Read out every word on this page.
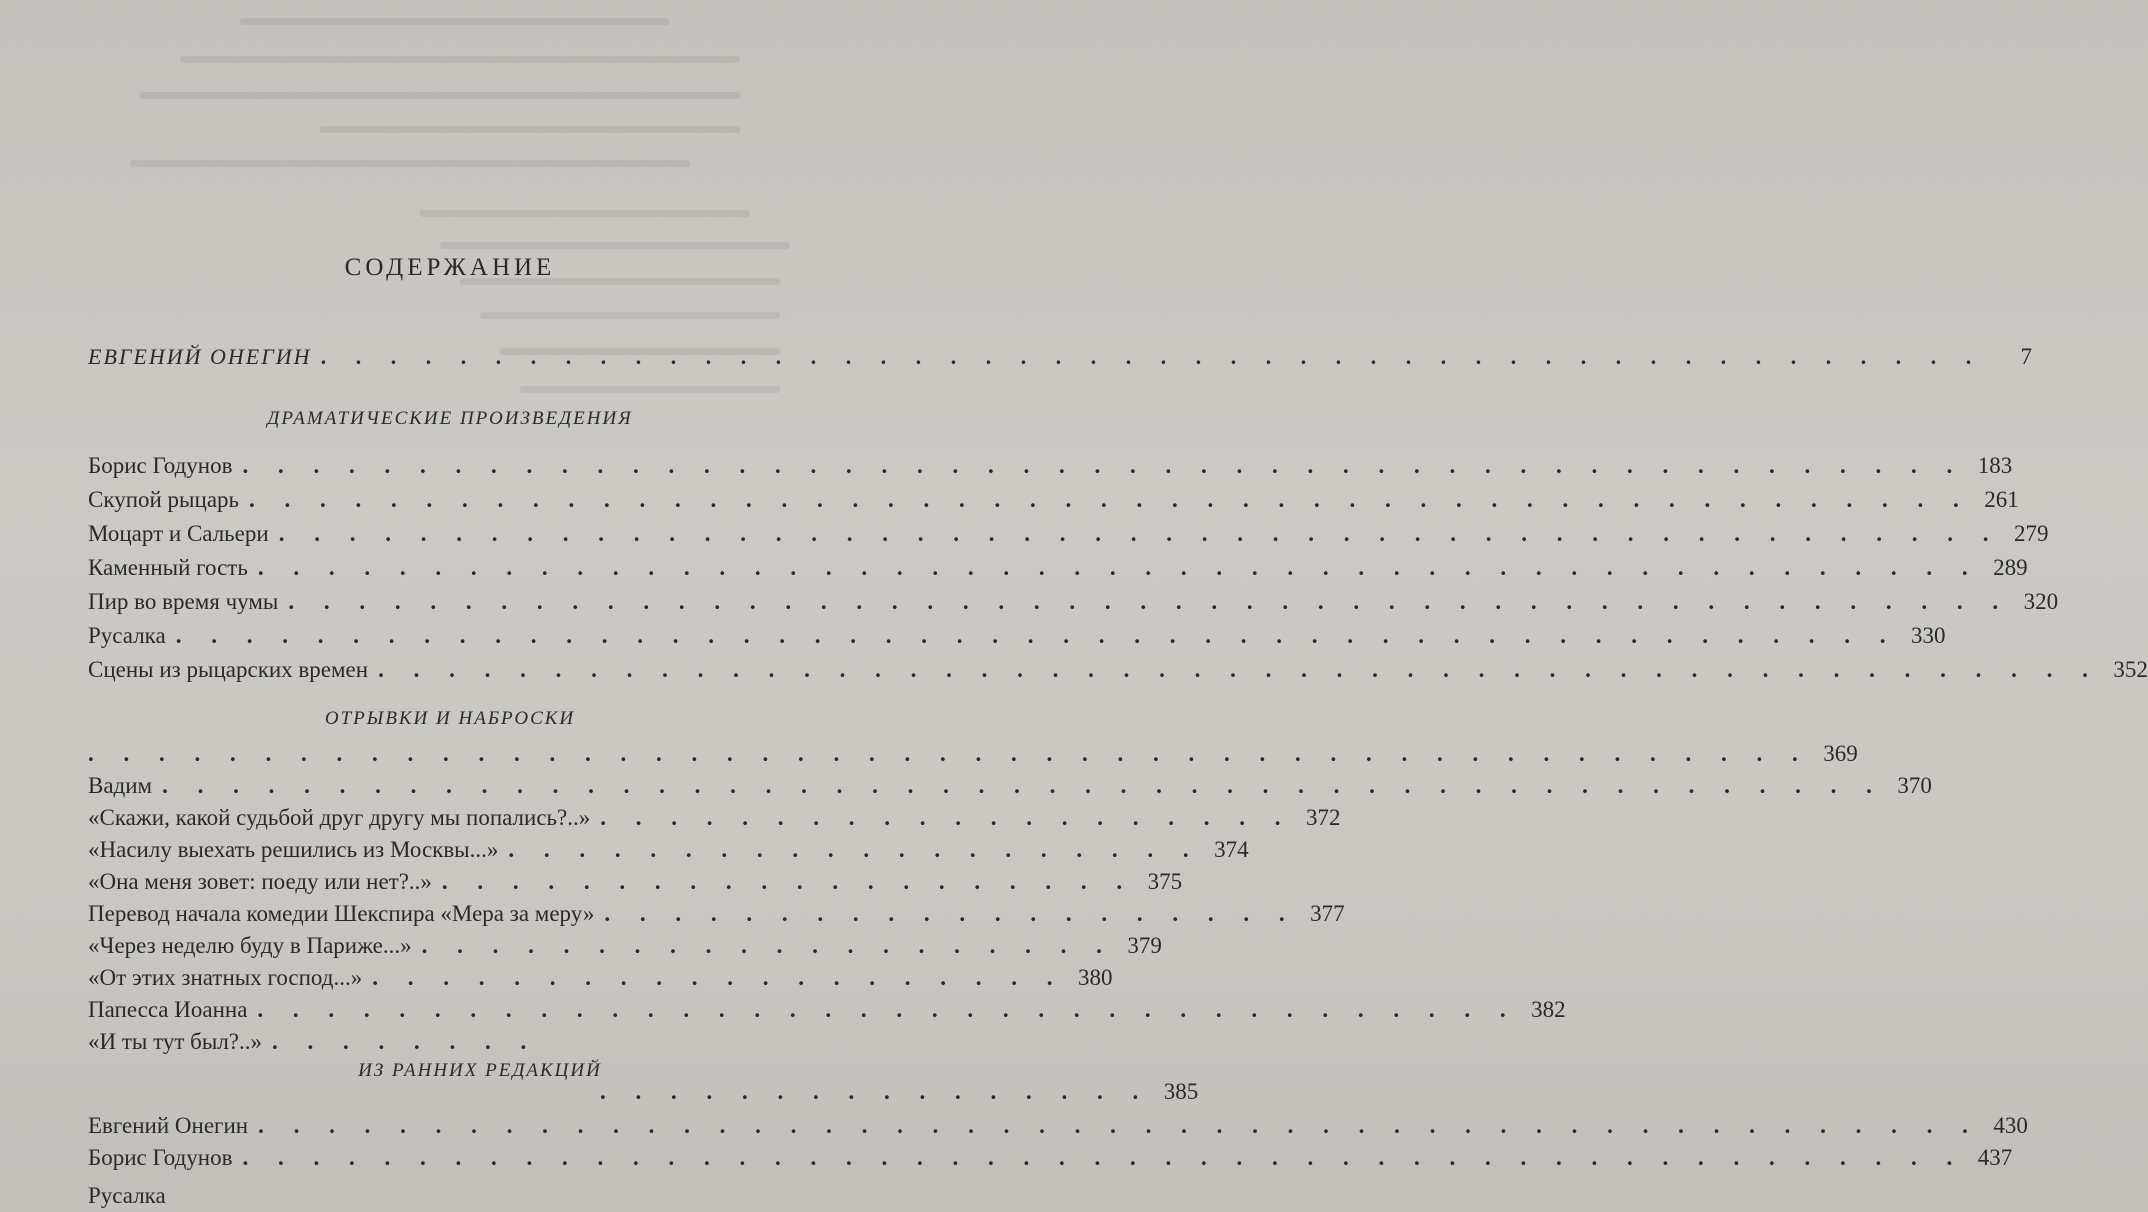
СОДЕРЖАНИЕ
ЕВГЕНИЙ ОНЕГИН . . . . . . . . . . . . . . . . . . . . . . . . . . . . . . . . . . . . . . . . . . . . . . . .	7
ДРАМАТИЧЕСКИЕ ПРОИЗВЕДЕНИЯ
Борис Годунов . . . . . . . . . . . . . . . . . . . . . . . . . . . . . . . . . . . . . . . . . . . . . . . . . 183
Скупой рыцарь . . . . . . . . . . . . . . . . . . . . . . . . . . . . . . . . . . . . . . . . . . . . . . . . . 261
Моцарт и Сальери . . . . . . . . . . . . . . . . . . . . . . . . . . . . . . . . . . . . . . . . . . . . . . . . . 279
Каменный гость . . . . . . . . . . . . . . . . . . . . . . . . . . . . . . . . . . . . . . . . . . . . . . . . . 289
Пир во время чумы . . . . . . . . . . . . . . . . . . . . . . . . . . . . . . . . . . . . . . . . . . . . . . . . . 320
Русалка . . . . . . . . . . . . . . . . . . . . . . . . . . . . . . . . . . . . . . . . . . . . . . . . . 330
Сцены из рыцарских времен . . . . . . . . . . . . . . . . . . . . . . . . . . . . . . . . . . . . . . . . . . . . . . . . . 352
ОТРЫВКИ И НАБРОСКИ
. . . . . . . . . . . . . . . . . . . . . . . . . . . . . . . . . . . . . . . . . . . . . . . . . 369
Вадим . . . . . . . . . . . . . . . . . . . . . . . . . . . . . . . . . . . . . . . . . . . . . . . . . 370
«Скажи, какой судьбой друг другу мы попались?..» . . . . . . . . . . . . . . . . . . . . 372
«Насилу выехать решились из Москвы...» . . . . . . . . . . . . . . . . . . . . 374
«Она меня зовет: поеду или нет?..» . . . . . . . . . . . . . . . . . . . . 375
Перевод начала комедии Шекспира «Мера за меру» . . . . . . . . . . . . . . . . . . . . 377
«Через неделю буду в Париже...» . . . . . . . . . . . . . . . . . . . . 379
«От этих знатных господ...» . . . . . . . . . . . . . . . . . . . . 380
Папесса Иоанна . . . . . . . . . . . . . . . . . . . . . . . . . . . . . . . . . . . . 382
«И ты тут был?..» . . . . . . . .
ИЗ РАННИХ РЕДАКЦИЙ
. . . . . . . . . . . . . . . . 385
Евгений Онегин . . . . . . . . . . . . . . . . . . . . . . . . . . . . . . . . . . . . . . . . . . . . . . . . . 430
Борис Годунов . . . . . . . . . . . . . . . . . . . . . . . . . . . . . . . . . . . . . . . . . . . . . . . . . 437
Русалка
